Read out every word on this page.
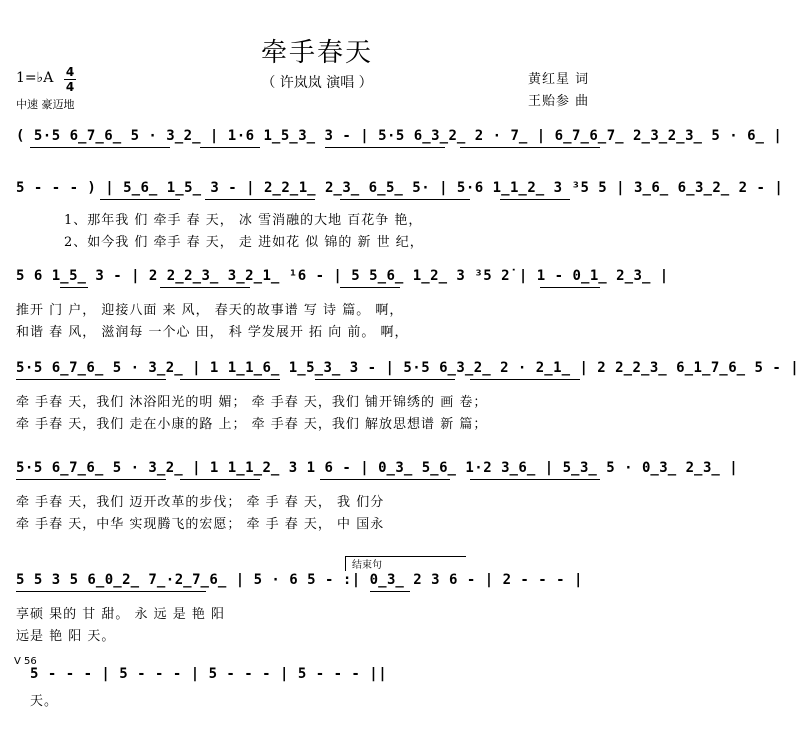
牵手春天
（ 许岚岚 演唱 ）
1=♭A 4
4
中速 豪迈地
黄红星 词
王贻参 曲
( 5·5 6̲7̲6̲ 5 · 3̲2̲ | 1·6 1̲5̲3̲ 3 - | 5·5 6̲3̲2̲ 2 · 7̲ | 6̲7̲6̲7̲ 2̲3̲2̲3̲ 5 · 6̲ |
5 - - - ) | 5̲6̲ 1̲5̲ 3 - | 2̲2̲1̲ 2̲3̲ 6̲5̲ 5· | 5·6 1̲1̲2̲ 3 ³5 5 | 3̲6̲ 6̲3̲2̲ 2 - |
1、那年我 们 牵手 春 天， 冰 雪消融的大地 百花争 艳，
2、如今我 们 牵手 春 天， 走 进如花 似 锦的 新 世 纪，
5 6 1̲5̲ 3 - | 2 2̲2̲3̲ 3̲2̲1̲ ¹6 - | 5 5̲6̲ 1̲2̲ 3 ³5 2̇ | 1 - 0̲1̲ 2̲3̲ |
推开 门 户， 迎接八面 来 风， 春天的故事谱 写 诗 篇。 啊，
和谐 春 风， 滋润每 一个心 田， 科 学发展开 拓 向 前。 啊，
5·5 6̲7̲6̲ 5 · 3̲2̲ | 1 1̲1̲6̲ 1̲5̲3̲ 3 - | 5·5 6̲3̲2̲ 2 · 2̲1̲ | 2 2̲2̲3̲ 6̲1̲7̲6̲ 5 - |
牵 手春 天，我们 沐浴阳光的明 媚； 牵 手春 天，我们 铺开锦绣的 画 卷；
牵 手春 天，我们 走在小康的路 上； 牵 手春 天，我们 解放思想谱 新 篇；
5·5 6̲7̲6̲ 5 · 3̲2̲ | 1 1̲1̲2̲ 3 1 6 - | 0̲3̲ 5̲6̲ 1·2 3̲6̲ | 5̲3̲ 5 · 0̲3̲ 2̲3̲ |
牵 手春 天，我们 迈开改革的步伐； 牵 手 春 天， 我 们分
牵 手春 天，中华 实现腾飞的宏愿； 牵 手 春 天， 中 国永
结束句
5 5 3 5 6̲0̲2̲ 7̲·2̲7̲6̲ | 5 · 6 5 - :| 0̲3̲ 2 3 6 - | 2 - - - |
享硕 果的 甘 甜。 永 远 是 艳 阳
远是 艳 阳 天。
V 56
5 - - - | 5 - - - | 5 - - - | 5 - - - ||
天。
